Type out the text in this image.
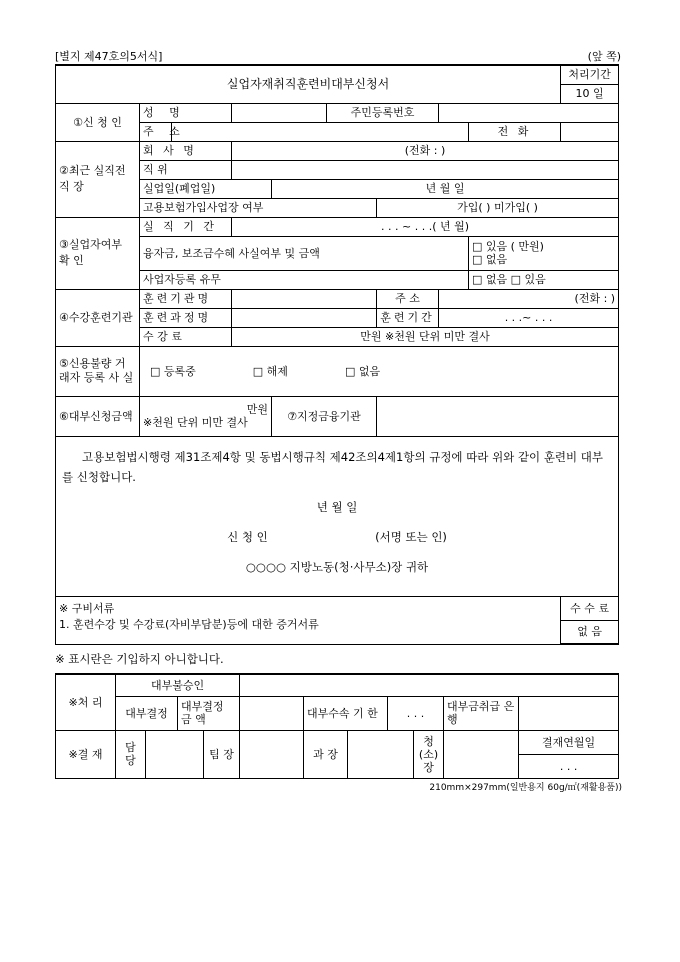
[별지 제47호의5서식]	(앞 쪽)
실업자재취직훈련비대부신청서									처리기간
									10 일
①신 청 인	성 명				주민등록번호				
	주 소							전 화	
②최근 실직전 직 장	회 사 명		(전화 : )						
	직 위								
	실업일(폐업일)			년 월 일					
	고용보험가입사업장 여부					가입( ) 미가입( )			
③실업자여부 확 인	실 직 기 간		. . . ~ . . .( 년 월)						
	융자금, 보조금수혜 사실여부 및 금액							□ 있음 ( 만원)
□ 없음	

	사업자등록 유무							□ 없음 □ 있음	
④수강훈련기관	훈련기관명					주 소	(전화 : )		
	훈련과정명					훈련기간	. . .~ . . .		
	수 강 료		만원 ※천원 단위 미만 결사						
⑤신용불량 거래자 등록 사 실	□ 등록중 □ 해제 □ 없음								
⑥대부신청금액	만원
※천원 단위 미만 결사			⑦지정금융기관					

고용보험법시행령 제31조제4항 및 동법시행규칙 제42조의4제1항의 규정에 따라 위와 같이 훈련비 대부를 신청합니다.

년 월 일
신 청 인 (서명 또는 인)
○○○○ 지방노동(청·사무소)장 귀하									

※ 구비서류
1. 훈련수강 및 수강료(자비부담분)등에 대한 증거서류									수 수 료
									없 음
※ 표시란은 기입하지 아니합니다.
※처 리	대부불승인										
	대부결정		대부결정 금 액			대부수속 기 한		. . .		대부금취급 은 행	
※결 재	담 당			팀 장		과 장			청 (소) 장		결재연월일
											. . .
210mm×297mm(일반용지 60g/㎡(재활용품))
